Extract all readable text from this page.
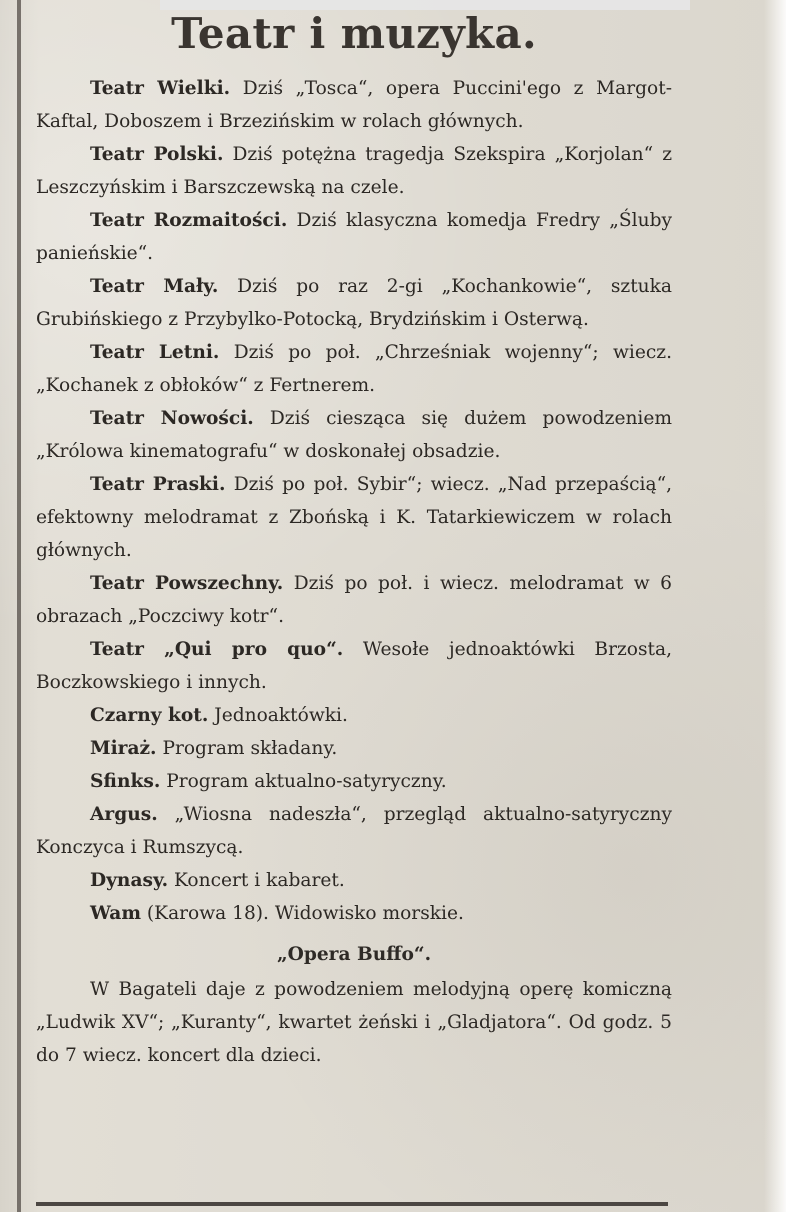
Teatr i muzyka.

Teatr Wielki. Dziś „Tosca“, opera Puccini'ego z Margot-Kaftal, Doboszem i Brzezińskim w rolach głównych.

Teatr Polski. Dziś potężna tragedja Szekspira „Korjolan“ z Leszczyńskim i Barszczewską na czele.

Teatr Rozmaitości. Dziś klasyczna komedja Fredry „Śluby panieńskie“.

Teatr Mały. Dziś po raz 2-gi „Kochankowie“, sztuka Grubińskiego z Przybylko-Potocką, Brydzińskim i Osterwą.

Teatr Letni. Dziś po poł. „Chrześniak wojenny“; wiecz. „Kochanek z obłoków“ z Fertnerem.

Teatr Nowości. Dziś ciesząca się dużem powodzeniem „Królowa kinematografu“ w doskonałej obsadzie.

Teatr Praski. Dziś po poł. Sybir“; wiecz. „Nad przepaścią“, efektowny melodramat z Zbońską i K. Tatarkiewiczem w rolach głównych.

Teatr Powszechny. Dziś po poł. i wiecz. melodramat w 6 obrazach „Poczciwy kotr“.

Teatr „Qui pro quo“. Wesołe jednoaktówki Brzosta, Boczkowskiego i innych.

Czarny kot. Jednoaktówki.

Miraż. Program składany.

Sfinks. Program aktualno-satyryczny.

Argus. „Wiosna nadeszła“, przegląd aktualno-satyryczny Konczyca i Rumszycą.

Dynasy. Koncert i kabaret.

Wam (Karowa 18). Widowisko morskie.

„Opera Buffo“.

W Bagateli daje z powodzeniem melodyjną operę komiczną „Ludwik XV“; „Kuranty“, kwartet żeński i „Gladjatora“. Od godz. 5 do 7 wiecz. koncert dla dzieci.
